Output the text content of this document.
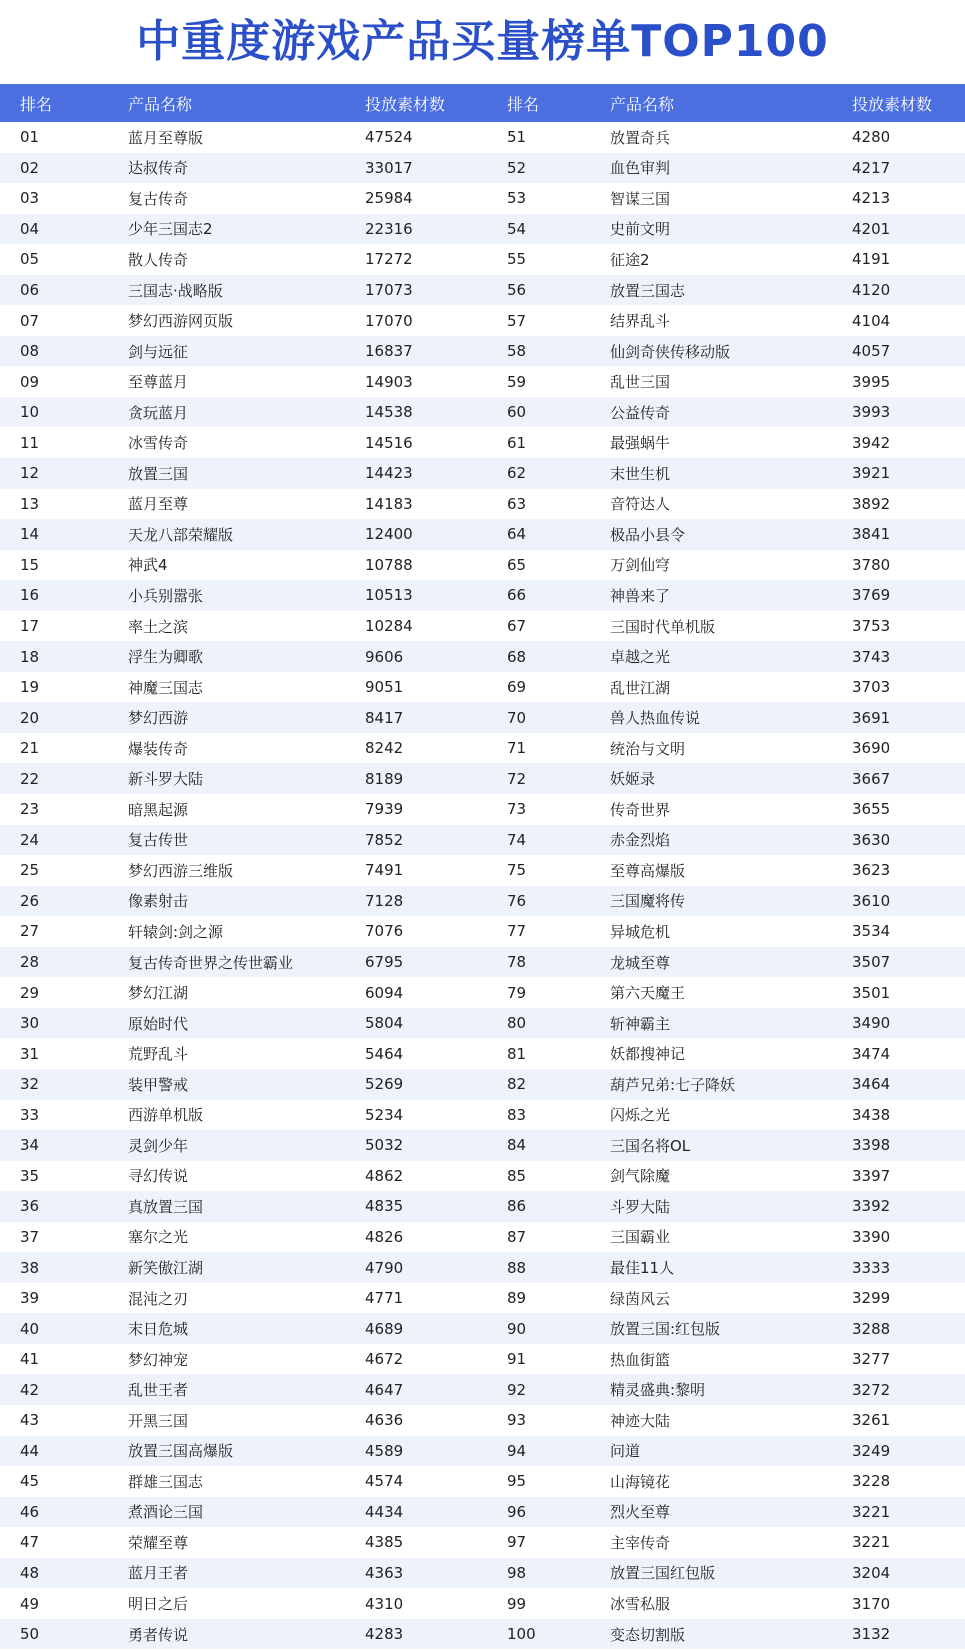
中重度游戏产品买量榜单TOP100
排名	产品名称	投放素材数
01	蓝月至尊版	47524
02	达叔传奇	33017
03	复古传奇	25984
04	少年三国志2	22316
05	散人传奇	17272
06	三国志·战略版	17073
07	梦幻西游网页版	17070
08	剑与远征	16837
09	至尊蓝月	14903
10	贪玩蓝月	14538
11	冰雪传奇	14516
12	放置三国	14423
13	蓝月至尊	14183
14	天龙八部荣耀版	12400
15	神武4	10788
16	小兵别嚣张	10513
17	率土之滨	10284
18	浮生为卿歌	9606
19	神魔三国志	9051
20	梦幻西游	8417
21	爆装传奇	8242
22	新斗罗大陆	8189
23	暗黑起源	7939
24	复古传世	7852
25	梦幻西游三维版	7491
26	像素射击	7128
27	轩辕剑:剑之源	7076
28	复古传奇世界之传世霸业	6795
29	梦幻江湖	6094
30	原始时代	5804
31	荒野乱斗	5464
32	装甲警戒	5269
33	西游单机版	5234
34	灵剑少年	5032
35	寻幻传说	4862
36	真放置三国	4835
37	塞尔之光	4826
38	新笑傲江湖	4790
39	混沌之刃	4771
40	末日危城	4689
41	梦幻神宠	4672
42	乱世王者	4647
43	开黑三国	4636
44	放置三国高爆版	4589
45	群雄三国志	4574
46	煮酒论三国	4434
47	荣耀至尊	4385
48	蓝月王者	4363
49	明日之后	4310
50	勇者传说	4283
排名	产品名称	投放素材数
51	放置奇兵	4280
52	血色审判	4217
53	智谋三国	4213
54	史前文明	4201
55	征途2	4191
56	放置三国志	4120
57	结界乱斗	4104
58	仙剑奇侠传移动版	4057
59	乱世三国	3995
60	公益传奇	3993
61	最强蜗牛	3942
62	末世生机	3921
63	音符达人	3892
64	极品小县令	3841
65	万剑仙穹	3780
66	神兽来了	3769
67	三国时代单机版	3753
68	卓越之光	3743
69	乱世江湖	3703
70	兽人热血传说	3691
71	统治与文明	3690
72	妖姬录	3667
73	传奇世界	3655
74	赤金烈焰	3630
75	至尊高爆版	3623
76	三国魔将传	3610
77	异城危机	3534
78	龙城至尊	3507
79	第六天魔王	3501
80	斩神霸主	3490
81	妖都搜神记	3474
82	葫芦兄弟:七子降妖	3464
83	闪烁之光	3438
84	三国名将OL	3398
85	剑气除魔	3397
86	斗罗大陆	3392
87	三国霸业	3390
88	最佳11人	3333
89	绿茵风云	3299
90	放置三国:红包版	3288
91	热血街篮	3277
92	精灵盛典:黎明	3272
93	神迹大陆	3261
94	问道	3249
95	山海镜花	3228
96	烈火至尊	3221
97	主宰传奇	3221
98	放置三国红包版	3204
99	冰雪私服	3170
100	变态切割版	3132
